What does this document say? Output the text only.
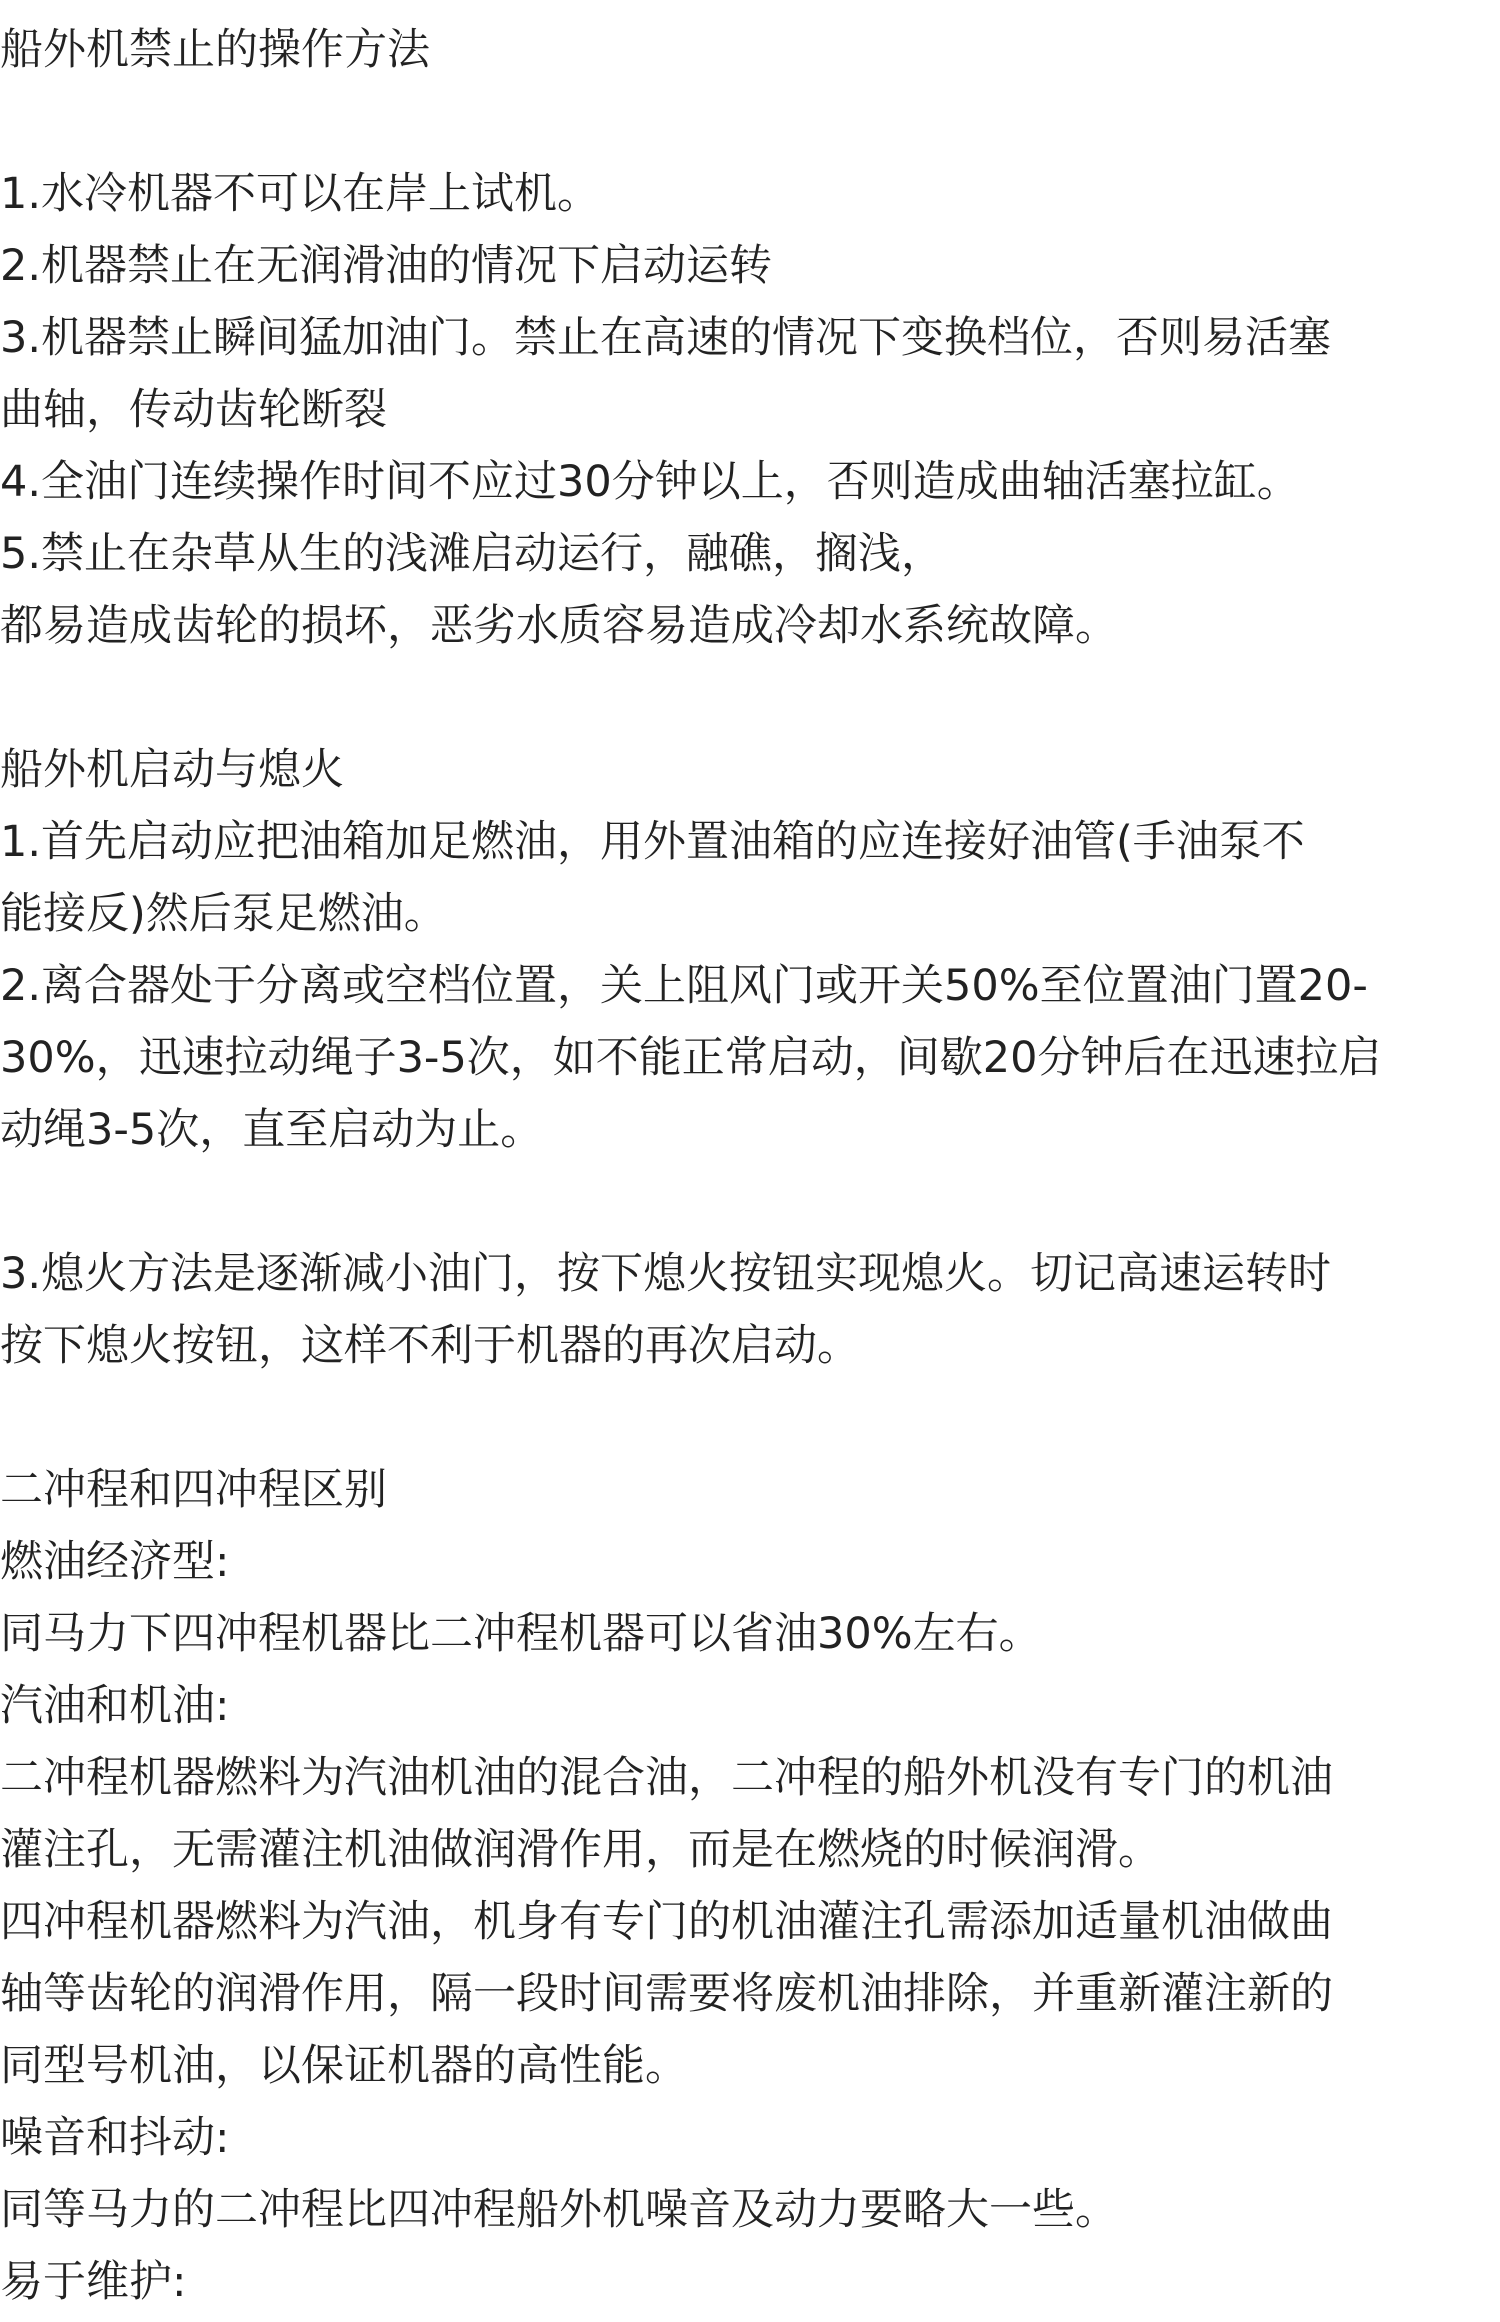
船外机禁止的操作方法
1.水冷机器不可以在岸上试机。
2.机器禁止在无润滑油的情况下启动运转
3.机器禁止瞬间猛加油门。禁止在高速的情况下变换档位，否则易活塞
曲轴，传动齿轮断裂
4.全油门连续操作时间不应过30分钟以上，否则造成曲轴活塞拉缸。
5.禁止在杂草从生的浅滩启动运行，融礁，搁浅，
都易造成齿轮的损坏，恶劣水质容易造成冷却水系统故障。
船外机启动与熄火
1.首先启动应把油箱加足燃油，用外置油箱的应连接好油管(手油泵不
能接反)然后泵足燃油。
2.离合器处于分离或空档位置，关上阻风门或开关50%至位置油门置20-
30%，迅速拉动绳子3-5次，如不能正常启动，间歇20分钟后在迅速拉启
动绳3-5次，直至启动为止。
3.熄火方法是逐渐减小油门，按下熄火按钮实现熄火。切记高速运转时
按下熄火按钮，这样不利于机器的再次启动。
二冲程和四冲程区别
燃油经济型:
同马力下四冲程机器比二冲程机器可以省油30%左右。
汽油和机油:
二冲程机器燃料为汽油机油的混合油，二冲程的船外机没有专门的机油
灌注孔，无需灌注机油做润滑作用，而是在燃烧的时候润滑。
四冲程机器燃料为汽油，机身有专门的机油灌注孔需添加适量机油做曲
轴等齿轮的润滑作用，隔一段时间需要将废机油排除，并重新灌注新的
同型号机油，以保证机器的高性能。
噪音和抖动:
同等马力的二冲程比四冲程船外机噪音及动力要略大一些。
易于维护:
